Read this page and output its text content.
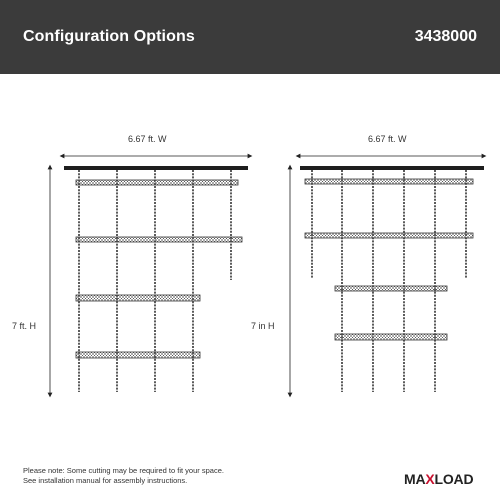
Configuration Options	3438000
6.67 ft. W
7 ft. H
6.67 ft. W
7 in H
Please note: Some cutting may be required to fit your space.
See installation manual for assembly instructions.	MAXLOAD
